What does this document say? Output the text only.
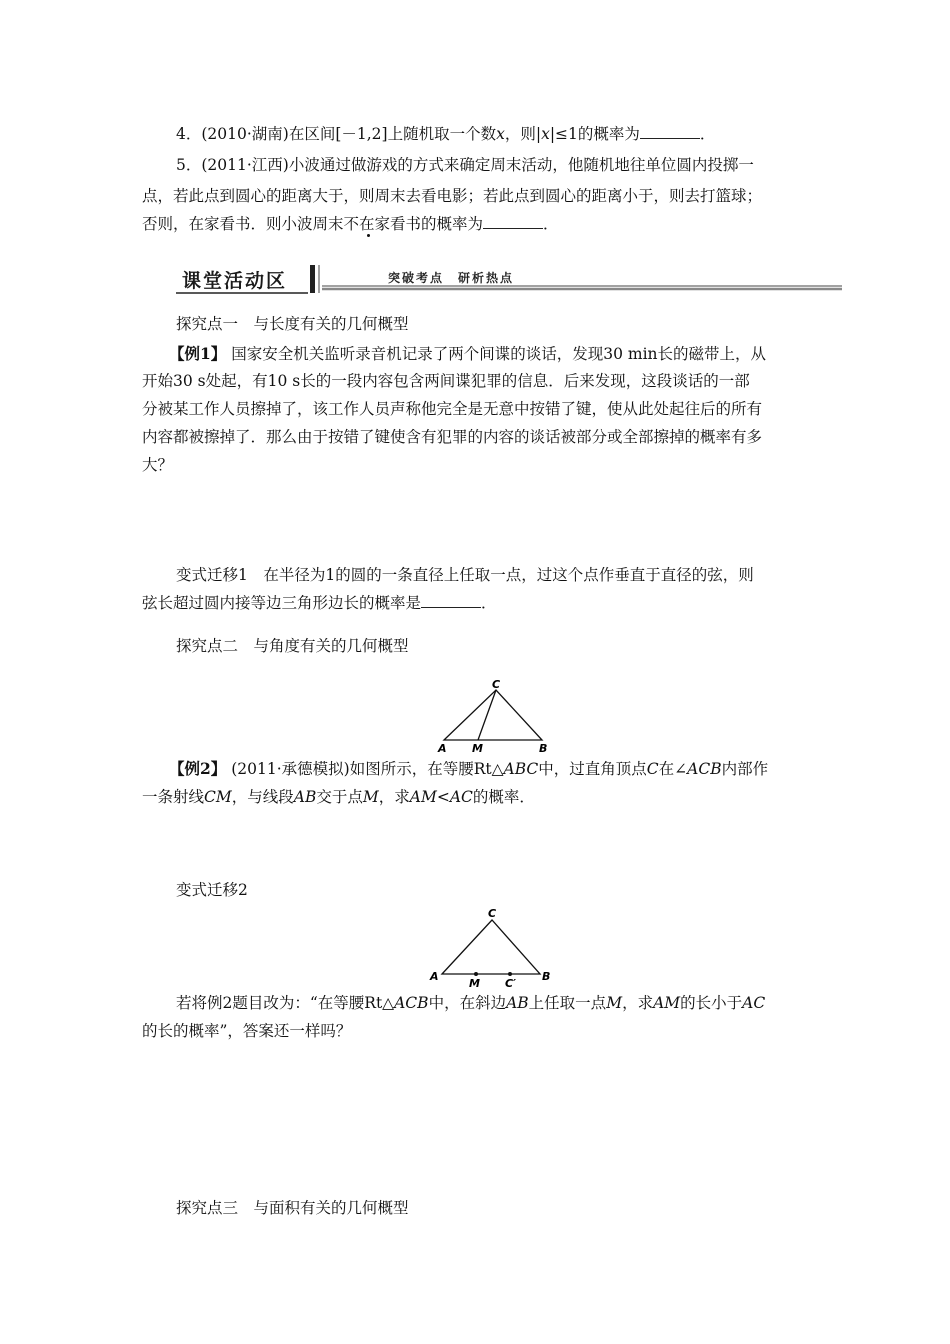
4．(2010·湖南)在区间[－1,2]上随机取一个数x，则|x|≤1的概率为	．
5．(2011·江西)小波通过做游戏的方式来确定周末活动，他随机地往单位圆内投掷一
点，若此点到圆心的距离大于，则周末去看电影；若此点到圆心的距离小于，则去打篮球；
否则，在家看书．则小波周末不在家看书的概率为	．
课堂活动区	突破考点　研析热点
探究点一　与长度有关的几何概型
【例1】 国家安全机关监听录音机记录了两个间谍的谈话，发现30 min长的磁带上，从
开始30 s处起，有10 s长的一段内容包含两间谍犯罪的信息．后来发现，这段谈话的一部
分被某工作人员擦掉了，该工作人员声称他完全是无意中按错了键，使从此处起往后的所有
内容都被擦掉了．那么由于按错了键使含有犯罪的内容的谈话被部分或全部擦掉的概率有多
大？
变式迁移1　在半径为1的圆的一条直径上任取一点，过这个点作垂直于直径的弦，则
弦长超过圆内接等边三角形边长的概率是	．
探究点二　与角度有关的几何概型
C
A M	B
【例2】 (2011·承德模拟)如图所示，在等腰Rt△ABC中，过直角顶点C在∠ACB内部作
一条射线CM，与线段AB交于点M，求AM<AC的概率．
变式迁移2
C
A
M C′
B
若将例2题目改为：“在等腰Rt△ACB中，在斜边AB上任取一点M，求AM的长小于AC
的长的概率”，答案还一样吗？
探究点三　与面积有关的几何概型
